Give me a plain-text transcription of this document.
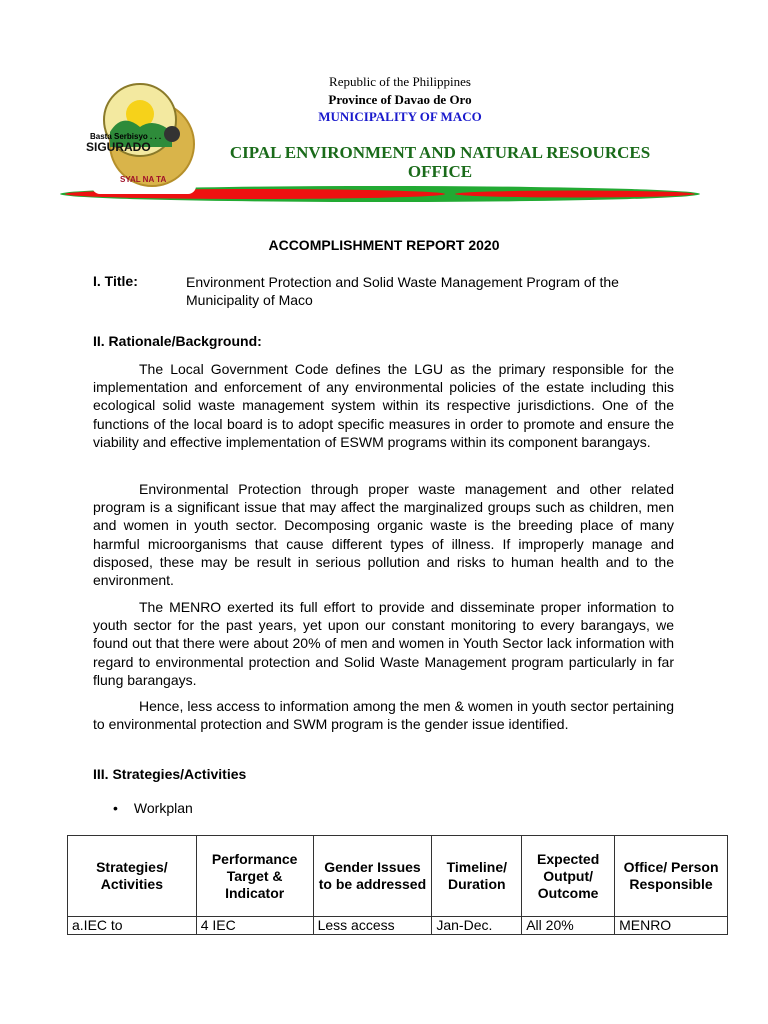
Republic of the Philippines
Province of Davao de Oro
MUNICIPALITY OF MACO
CIPAL ENVIRONMENT AND NATURAL RESOURCES
OFFICE
SYAL NA TA
Basta Serbisyo . . .
SIGURADO
ACCOMPLISHMENT REPORT 2020
I. Title:	Environment Protection and Solid Waste Management Program of the
Municipality of Maco
II. Rationale/Background:
The Local Government Code defines the LGU as the primary responsible for the implementation and enforcement of any environmental policies of the estate including this ecological solid waste management system within its respective jurisdictions. One of the functions of the local board is to adopt specific measures in order to promote and ensure the viability and effective implementation of ESWM programs within its component barangays.
Environmental Protection through proper waste management and other related program is a significant issue that may affect the marginalized groups such as children, men and women in youth sector. Decomposing organic waste is the breeding place of many harmful microorganisms that cause different types of illness. If improperly manage and disposed, these may be result in serious pollution and risks to human health and to the environment.
The MENRO exerted its full effort to provide and disseminate proper information to youth sector for the past years, yet upon our constant monitoring to every barangays, we found out that there were about 20% of men and women in Youth Sector lack information with regard to environmental protection and Solid Waste Management program particularly in far flung barangays.
Hence, less access to information among the men & women in youth sector pertaining to environmental protection and SWM program is the gender issue identified.
III. Strategies/Activities
• Workplan
Strategies/ Activities	Performance Target & Indicator	Gender Issues to be addressed	Timeline/ Duration	Expected Output/ Outcome	Office/ Person Responsible
a.IEC to	4 IEC	Less access	Jan-Dec.	All 20%	MENRO
